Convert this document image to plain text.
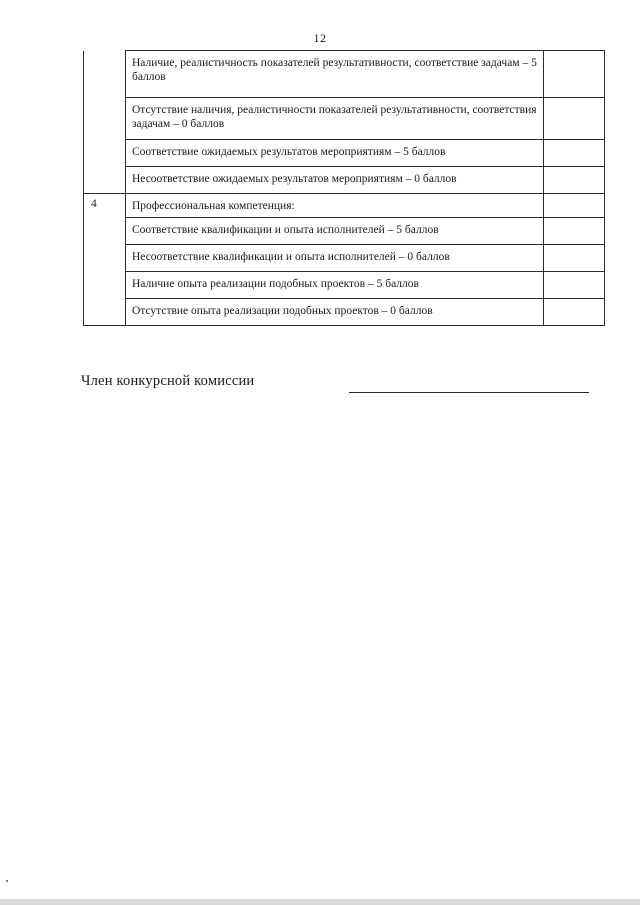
12
	Наличие, реалистичность показателей результативности, соответствие задачам – 5 баллов	
	Отсутствие наличия, реалистичности показателей результативности, соответствия задачам – 0 баллов	
	Соответствие ожидаемых результатов мероприятиям – 5 баллов	
	Несоответствие ожидаемых результатов мероприятиям – 0 баллов	
4	Профессиональная компетенция:	
	Соответствие квалификации и опыта исполнителей – 5 баллов	
	Несоответствие квалификации и опыта исполнителей – 0 баллов	
	Наличие опыта реализации подобных проектов – 5 баллов	
	Отсутствие опыта реализации подобных проектов – 0 баллов	
Член конкурсной комиссии
